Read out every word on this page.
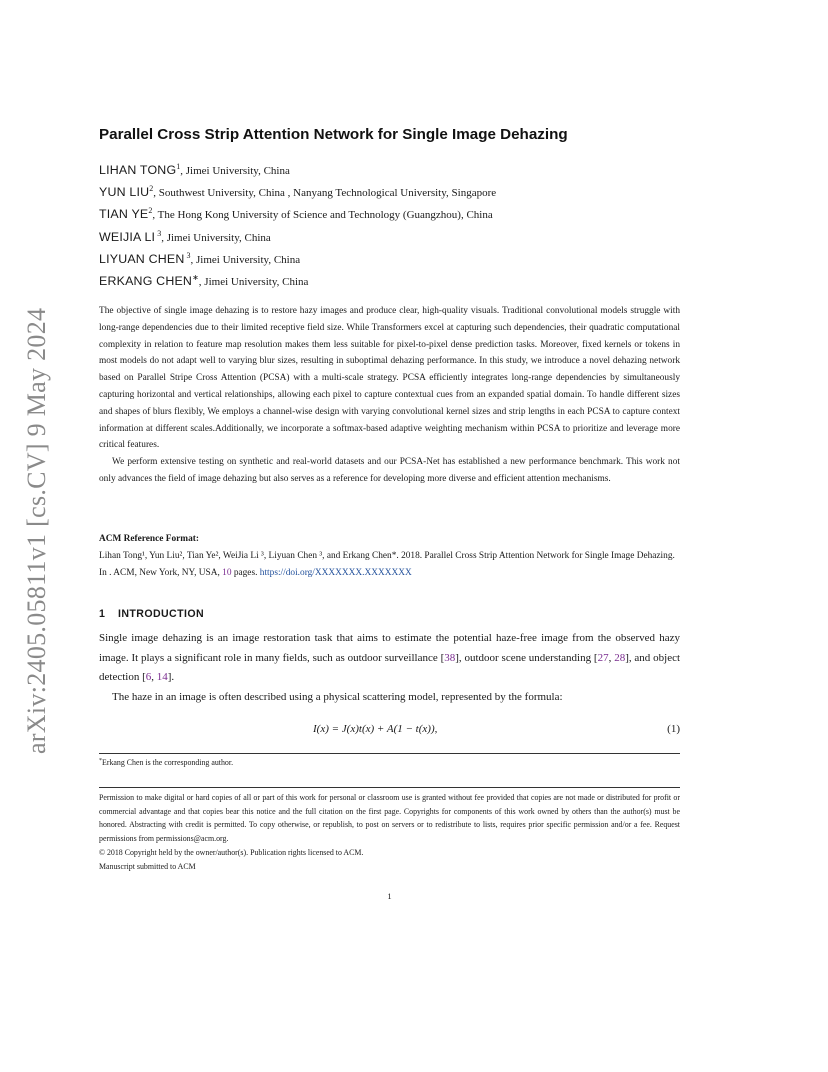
arXiv:2405.05811v1 [cs.CV] 9 May 2024
Parallel Cross Strip Attention Network for Single Image Dehazing
LIHAN TONG$^1$, Jimei University, China
YUN LIU$^2$, Southwest University, China , Nanyang Technological University, Singapore
TIAN $YE^2$, The Hong Kong University of Science and Technology (Guangzhou), China
WEIJIA LI $^3$, Jimei University, China
LIYUAN CHEN $^3$, Jimei University, China
ERKANG CHEN∗, Jimei University, China

The objective of single image dehazing is to restore hazy images and produce clear, high-quality visuals. Traditional convolutional models struggle with long-range dependencies due to their limited receptive field size. While Transformers excel at capturing such dependencies, their quadratic computational complexity in relation to feature map resolution makes them less suitable for pixel-to-pixel dense prediction tasks. Moreover, fixed kernels or tokens in most models do not adapt well to varying blur sizes, resulting in suboptimal dehazing performance. In this study, we introduce a novel dehazing network based on Parallel Stripe Cross Attention (PCSA) with a multi-scale strategy. PCSA efficiently integrates long-range dependencies by simultaneously capturing horizontal and vertical relationships, allowing each pixel to capture contextual cues from an expanded spatial domain. To handle different sizes and shapes of blurs flexibly, We employs a channel-wise design with varying convolutional kernel sizes and strip lengths in each PCSA to capture context information at different scales.Additionally, we incorporate a softmax-based adaptive weighting mechanism within PCSA to prioritize and leverage more critical features.

We perform extensive testing on synthetic and real-world datasets and our PCSA-Net has established a new performance benchmark. This work not only advances the field of image dehazing but also serves as a reference for developing more diverse and efficient attention mechanisms.

ACM Reference Format:
Lihan Tong¹, Yun Liu², Tian Ye², WeiJia Li ³, Liyuan Chen ³, and Erkang Chen*. 2018. Parallel Cross Strip Attention Network for Single Image Dehazing. In . ACM, New York, NY, USA, 10 pages. https://doi.org/XXXXXXX.XXXXXXX
1 INTRODUCTION

Single image dehazing is an image restoration task that aims to estimate the potential haze-free image from the observed hazy image. It plays a significant role in many fields, such as outdoor surveillance [38], outdoor scene understanding [27, 28], and object detection [6, 14].

The haze in an image is often described using a physical scattering model, represented by the formula:

I(x) = J(x)t(x) + A(1 − t(x)),	(1)
*Erkang Chen is the corresponding author.

Permission to make digital or hard copies of all or part of this work for personal or classroom use is granted without fee provided that copies are not made or distributed for profit or commercial advantage and that copies bear this notice and the full citation on the first page. Copyrights for components of this work owned by others than the author(s) must be honored. Abstracting with credit is permitted. To copy otherwise, or republish, to post on servers or to redistribute to lists, requires prior specific permission and/or a fee. Request permissions from permissions@acm.org.

© 2018 Copyright held by the owner/author(s). Publication rights licensed to ACM.

Manuscript submitted to ACM

1
